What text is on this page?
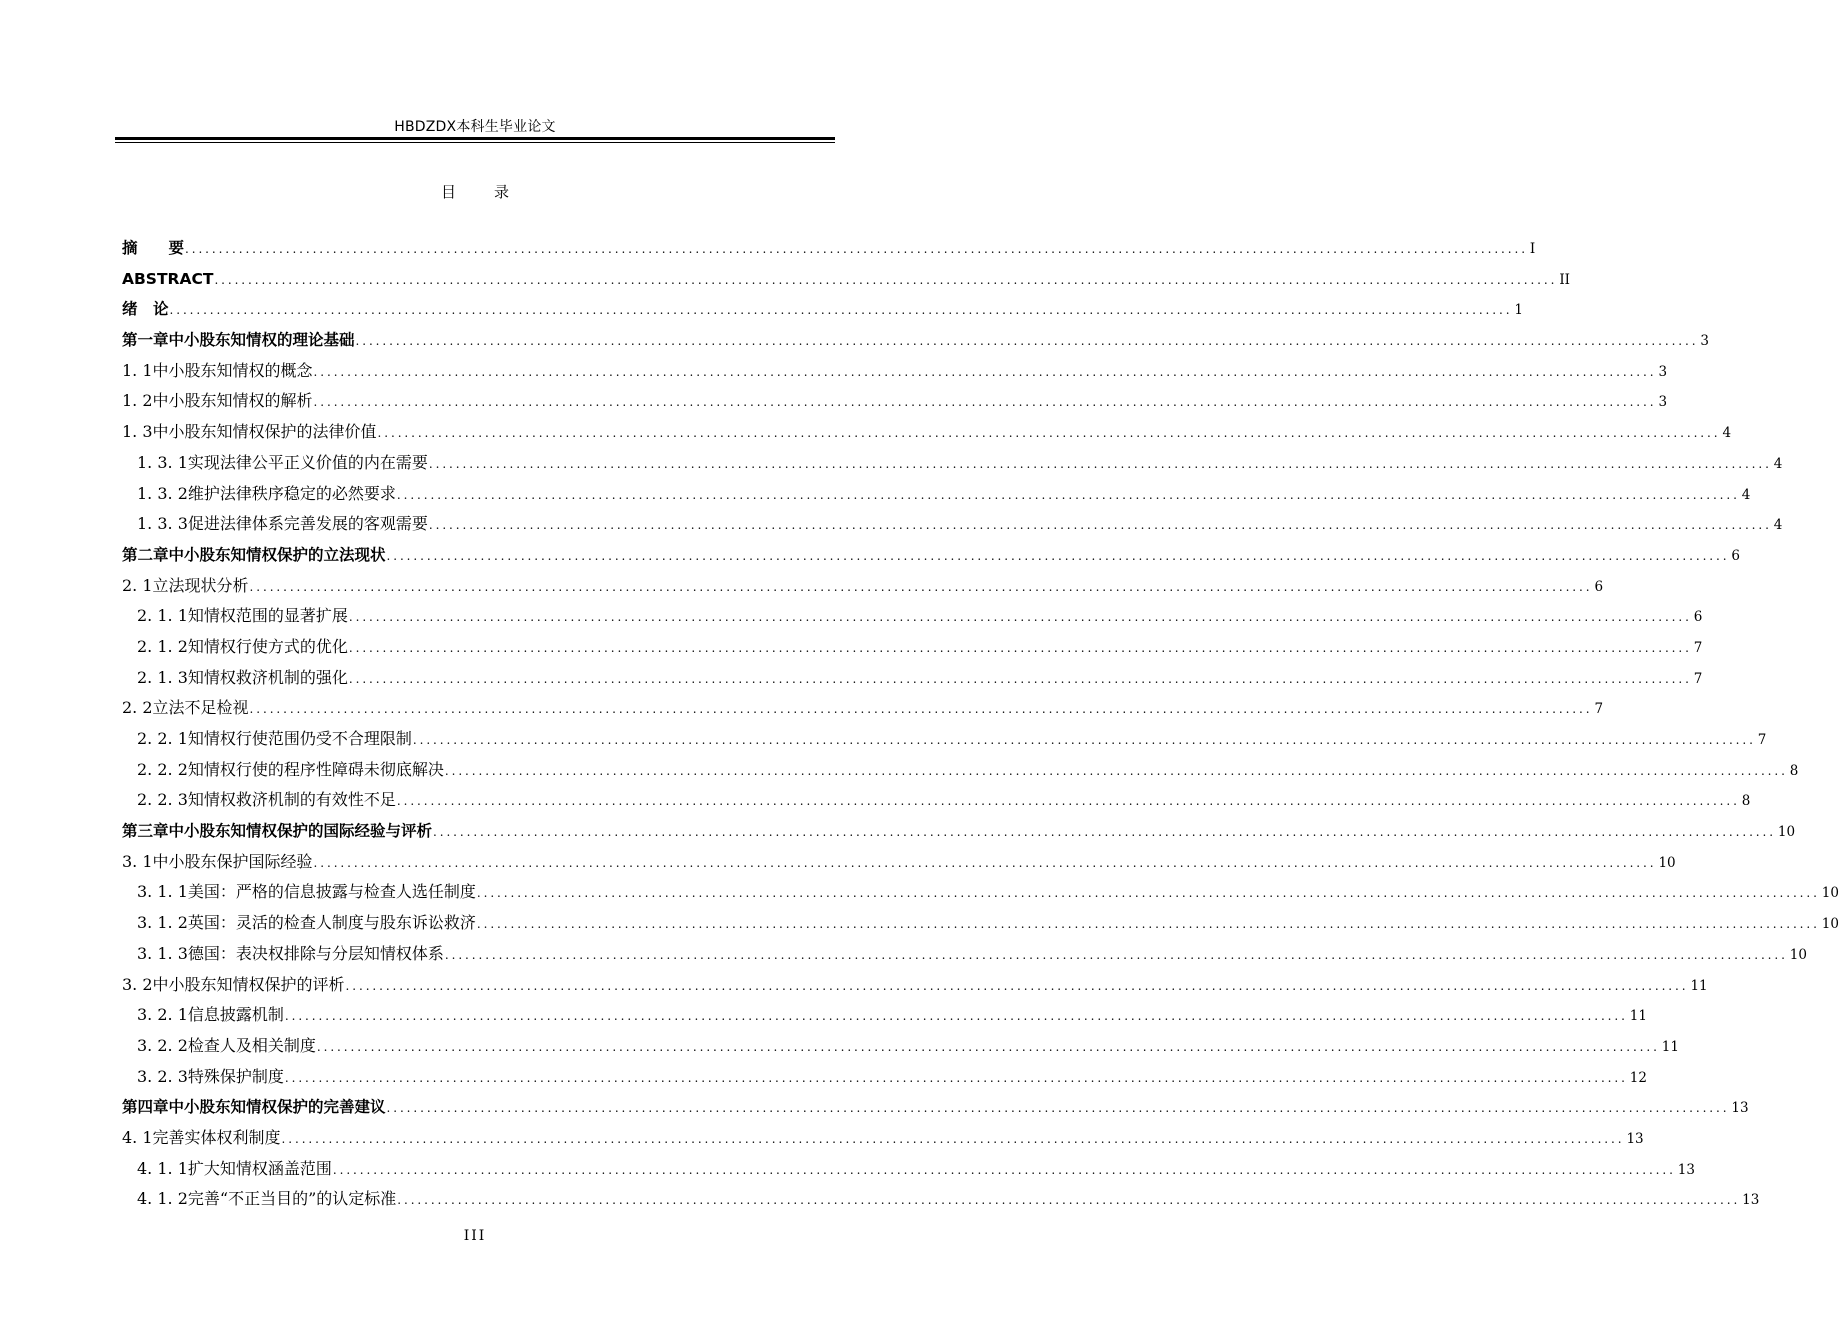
HBDZDX本科生毕业论文
目	录
摘　　要 ........................................................................................................................................................................................................ I
ABSTRACT ........................................................................................................................................................................................................ II
绪　论 ........................................................................................................................................................................................................ 1
第一章 中小股东知情权的理论基础 ........................................................................................................................................................................................................ 3
1. 1 中小股东知情权的概念 ........................................................................................................................................................................................................ 3
1. 2 中小股东知情权的解析 ........................................................................................................................................................................................................ 3
1. 3 中小股东知情权保护的法律价值 ........................................................................................................................................................................................................ 4
1. 3. 1 实现法律公平正义价值的内在需要 ........................................................................................................................................................................................................ 4
1. 3. 2 维护法律秩序稳定的必然要求 ........................................................................................................................................................................................................ 4
1. 3. 3 促进法律体系完善发展的客观需要 ........................................................................................................................................................................................................ 4
第二章 中小股东知情权保护的立法现状 ........................................................................................................................................................................................................ 6
2. 1 立法现状分析 ........................................................................................................................................................................................................ 6
2. 1. 1 知情权范围的显著扩展 ........................................................................................................................................................................................................ 6
2. 1. 2 知情权行使方式的优化 ........................................................................................................................................................................................................ 7
2. 1. 3 知情权救济机制的强化 ........................................................................................................................................................................................................ 7
2. 2 立法不足检视 ........................................................................................................................................................................................................ 7
2. 2. 1 知情权行使范围仍受不合理限制 ........................................................................................................................................................................................................ 7
2. 2. 2 知情权行使的程序性障碍未彻底解决 ........................................................................................................................................................................................................ 8
2. 2. 3 知情权救济机制的有效性不足 ........................................................................................................................................................................................................ 8
第三章 中小股东知情权保护的国际经验与评析 ........................................................................................................................................................................................................ 10
3. 1 中小股东保护国际经验 ........................................................................................................................................................................................................ 10
3. 1. 1 美国：严格的信息披露与检查人选任制度 ........................................................................................................................................................................................................ 10
3. 1. 2 英国：灵活的检查人制度与股东诉讼救济 ........................................................................................................................................................................................................ 10
3. 1. 3 德国：表决权排除与分层知情权体系 ........................................................................................................................................................................................................ 10
3. 2 中小股东知情权保护的评析 ........................................................................................................................................................................................................ 11
3. 2. 1 信息披露机制 ........................................................................................................................................................................................................ 11
3. 2. 2 检查人及相关制度 ........................................................................................................................................................................................................ 11
3. 2. 3 特殊保护制度 ........................................................................................................................................................................................................ 12
第四章 中小股东知情权保护的完善建议 ........................................................................................................................................................................................................ 13
4. 1 完善实体权利制度 ........................................................................................................................................................................................................ 13
4. 1. 1 扩大知情权涵盖范围 ........................................................................................................................................................................................................ 13
4. 1. 2 完善“不正当目的”的认定标准 ........................................................................................................................................................................................................ 13
III
